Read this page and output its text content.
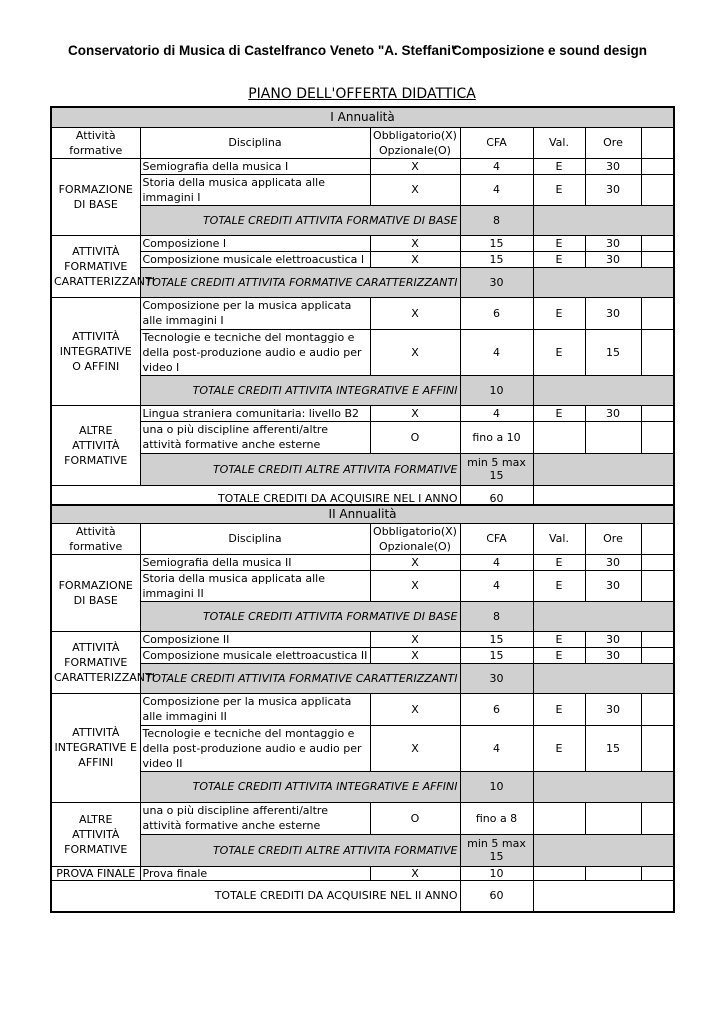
Conservatorio di Musica di Castelfranco Veneto "A. Steffani"
Composizione e sound design
PIANO DELL'OFFERTA DIDATTICA
I Annualità						
Attività formative	Disciplina	Obbligatorio(X) Opzionale(O)	CFA	Val.	Ore	
FORMAZIONE DI BASE	Semiografia della musica I	X	4	E	30	
	Storia della musica applicata alle immagini I	X	4	E	30	
	TOTALE CREDITI ATTIVITA FORMATIVE DI BASE		8			
ATTIVITÀ FORMATIVE CARATTERIZZANTI	Composizione I	X	15	E	30	
	Composizione musicale elettroacustica I	X	15	E	30	
	TOTALE CREDITI ATTIVITA FORMATIVE CARATTERIZZANTI		30			
ATTIVITÀ INTEGRATIVE O AFFINI	Composizione per la musica applicata alle immagini I	X	6	E	30	
	Tecnologie e tecniche del montaggio e della post-produzione audio e audio per video I	X	4	E	15	
	TOTALE CREDITI ATTIVITA INTEGRATIVE E AFFINI		10			
ALTRE ATTIVITÀ FORMATIVE	Lingua straniera comunitaria: livello B2	X	4	E	30	
	una o più discipline afferenti/altre attività formative anche esterne	O	fino a 10			
	TOTALE CREDITI ALTRE ATTIVITA FORMATIVE		min 5 max 15			
TOTALE CREDITI DA ACQUISIRE NEL I ANNO			60			
II Annualità						
Attività formative	Disciplina	Obbligatorio(X) Opzionale(O)	CFA	Val.	Ore	
FORMAZIONE DI BASE	Semiografia della musica II	X	4	E	30	
	Storia della musica applicata alle immagini II	X	4	E	30	
	TOTALE CREDITI ATTIVITA FORMATIVE DI BASE		8			
ATTIVITÀ FORMATIVE CARATTERIZZANTI	Composizione II	X	15	E	30	
	Composizione musicale elettroacustica II	X	15	E	30	
	TOTALE CREDITI ATTIVITA FORMATIVE CARATTERIZZANTI		30			
ATTIVITÀ INTEGRATIVE E AFFINI	Composizione per la musica applicata alle immagini II	X	6	E	30	
	Tecnologie e tecniche del montaggio e della post-produzione audio e audio per video II	X	4	E	15	
	TOTALE CREDITI ATTIVITA INTEGRATIVE E AFFINI		10			
ALTRE ATTIVITÀ FORMATIVE	una o più discipline afferenti/altre attività formative anche esterne	O	fino a 8			
	TOTALE CREDITI ALTRE ATTIVITA FORMATIVE		min 5 max 15			
PROVA FINALE	Prova finale	X	10			
TOTALE CREDITI DA ACQUISIRE NEL II ANNO			60			
